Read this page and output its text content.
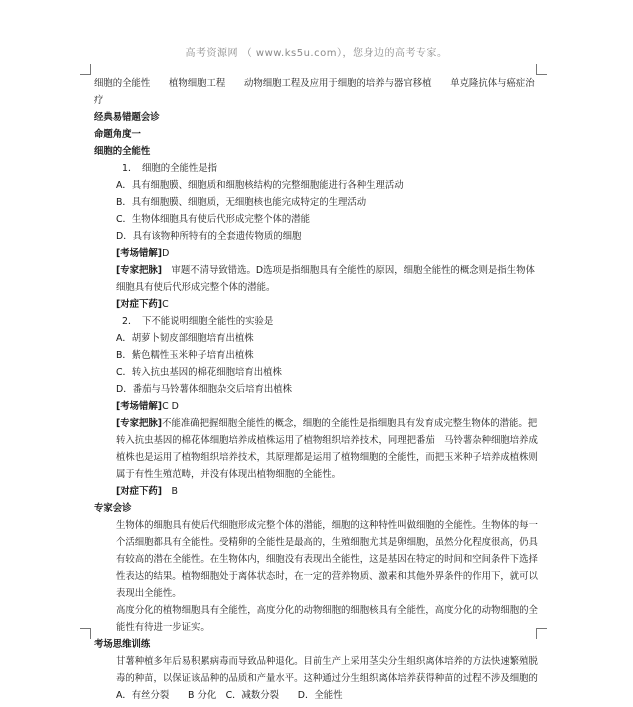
高考资源网 （ www.ks5u.com），您身边的高考专家。
细胞的全能性　　植物细胞工程　　动物细胞工程及应用于细胞的培养与器官移植　　单克隆抗体与癌症治疗
经典易错题会诊
命题角度一
细胞的全能性
1．　细胞的全能性是指
A．具有细胞膜、细胞质和细胞核结构的完整细胞能进行各种生理活动
B．具有细胞膜、细胞质，无细胞核也能完成特定的生理活动
C．生物体细胞具有使后代形成完整个体的潜能
D．具有该物种所特有的全套遗传物质的细胞
[考场错解]D
[专家把脉]　审题不清导致错选。D选项是指细胞具有全能性的原因，细胞全能性的概念则是指生物体细胞具有使后代形成完整个体的潜能。
[对症下药]C
2．　下不能说明细胞全能性的实验是
A．胡萝卜韧皮部细胞培育出植株
B．紫色糯性玉米种子培育出植株
C．转入抗虫基因的棉花细胞培育出植株
D．番茄与马铃薯体细胞杂交后培育出植株
[考场错解]C D
[专家把脉]不能准确把握细胞全能性的概念，细胞的全能性是指细胞具有发育成完整生物体的潜能。把转入抗虫基因的棉花体细胞培养成植株运用了植物组织培养技术，同理把番茄　马铃薯杂种细胞培养成植株也是运用了植物组织培养技术，其原理都是运用了植物细胞的全能性，而把玉米种子培养成植株则属于有性生殖范畴，并没有体现出植物细胞的全能性。
[对症下药]　B
专家会诊
生物体的细胞具有使后代细胞形成完整个体的潜能，细胞的这种特性叫做细胞的全能性。生物体的每一个活细胞都具有全能性。受精卵的全能性是最高的，生殖细胞尤其是卵细胞，虽然分化程度很高，仍具有较高的潜在全能性。在生物体内，细胞没有表现出全能性，这是基因在特定的时间和空间条件下选择性表达的结果。植物细胞处于离体状态时，在一定的营养物质、激素和其他外界条件的作用下，就可以表现出全能性。
高度分化的植物细胞具有全能性，高度分化的动物细胞的细胞核具有全能性，高度分化的动物细胞的全能性有待进一步证实。
考场思维训练
甘薯种植多年后易积累病毒而导致品种退化。目前生产上采用茎尖分生组织离体培养的方法快速繁殖脱毒的种苗，以保证该品种的品质和产量水平。这种通过分生组织离体培养获得种苗的过程不涉及细胞的
A．有丝分裂　　B 分化　C．减数分裂　　D．全能性
